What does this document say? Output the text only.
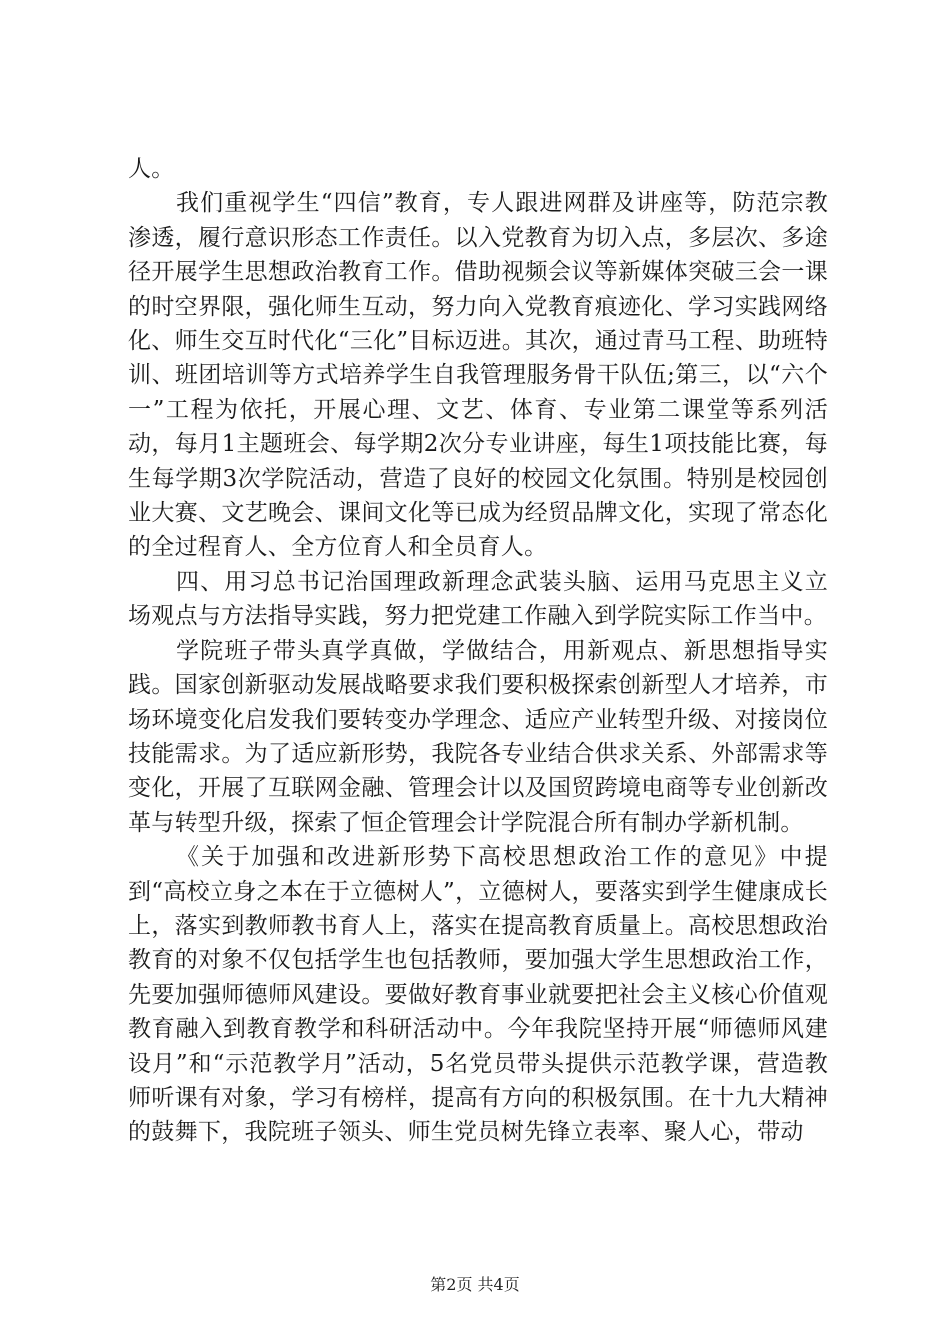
人。

我们重视学生“四信”教育，专人跟进网群及讲座等，防范宗教渗透，履行意识形态工作责任。以入党教育为切入点，多层次、多途径开展学生思想政治教育工作。借助视频会议等新媒体突破三会一课的时空界限，强化师生互动，努力向入党教育痕迹化、学习实践网络化、师生交互时代化“三化”目标迈进。其次，通过青马工程、助班特训、班团培训等方式培养学生自我管理服务骨干队伍;第三，以“六个一”工程为依托，开展心理、文艺、体育、专业第二课堂等系列活动，每月1主题班会、每学期2次分专业讲座，每生1项技能比赛，每生每学期3次学院活动，营造了良好的校园文化氛围。特别是校园创业大赛、文艺晚会、课间文化等已成为经贸品牌文化，实现了常态化的全过程育人、全方位育人和全员育人。

四、用习总书记治国理政新理念武装头脑、运用马克思主义立场观点与方法指导实践，努力把党建工作融入到学院实际工作当中。

学院班子带头真学真做，学做结合，用新观点、新思想指导实践。国家创新驱动发展战略要求我们要积极探索创新型人才培养，市场环境变化启发我们要转变办学理念、适应产业转型升级、对接岗位技能需求。为了适应新形势，我院各专业结合供求关系、外部需求等变化，开展了互联网金融、管理会计以及国贸跨境电商等专业创新改革与转型升级，探索了恒企管理会计学院混合所有制办学新机制。

《关于加强和改进新形势下高校思想政治工作的意见》中提到“高校立身之本在于立德树人”，立德树人，要落实到学生健康成长上，落实到教师教书育人上，落实在提高教育质量上。高校思想政治教育的对象不仅包括学生也包括教师，要加强大学生思想政治工作，先要加强师德师风建设。要做好教育事业就要把社会主义核心价值观教育融入到教育教学和科研活动中。今年我院坚持开展“师德师风建设月”和“示范教学月”活动，5名党员带头提供示范教学课，营造教师听课有对象，学习有榜样，提高有方向的积极氛围。在十九大精神的鼓舞下，我院班子领头、师生党员树先锋立表率、聚人心，带动

第2页 共4页
